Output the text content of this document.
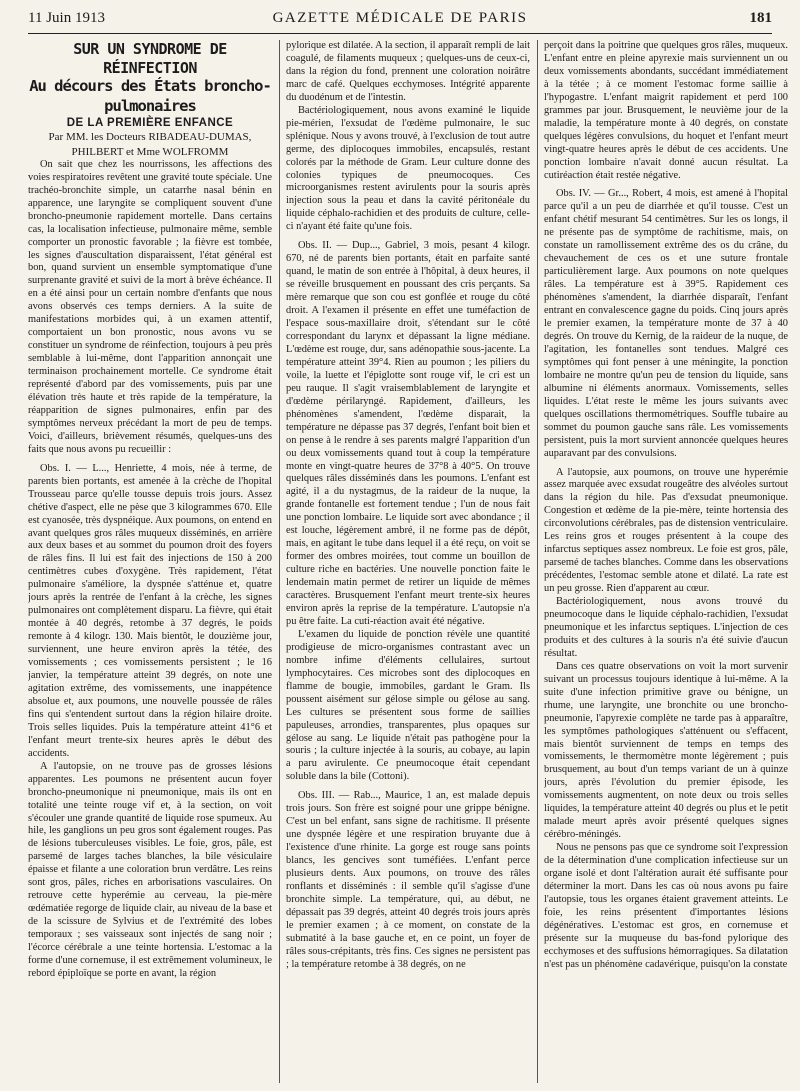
11 Juin 1913	GAZETTE MÉDICALE DE PARIS	181

SUR UN SYNDROME DE RÉINFECTION

Au décours des États broncho-pulmonaires

DE LA PREMIÈRE ENFANCE

Par MM. les Docteurs RIBADEAU-DUMAS,
PHILBERT et Mme WOLFROMM

On sait que chez les nourrissons, les affections des voies respiratoires revêtent une gravité toute spéciale. Une trachéo-bronchite simple, un catarrhe nasal bénin en apparence, une laryngite se compliquent souvent d'une broncho-pneumonie rapidement mortelle. Dans certains cas, la localisation infectieuse, pulmonaire même, semble comporter un pronostic favorable ; la fièvre est tombée, les signes d'auscultation disparaissent, l'état général est bon, quand survient un ensemble symptomatique d'une surprenante gravité et suivi de la mort à brève échéance. Il en a été ainsi pour un certain nombre d'enfants que nous avons observés ces temps derniers. A la suite de manifestations morbides qui, à un examen attentif, comportaient un bon pronostic, nous avons vu se constituer un syndrome de réinfection, toujours à peu près semblable à lui-même, dont l'apparition annonçait une terminaison prochainement mortelle. Ce syndrome était représenté d'abord par des vomissements, puis par une élévation très haute et très rapide de la température, la réapparition de signes pulmonaires, enfin par des symptômes nerveux précédant la mort de peu de temps. Voici, d'ailleurs, brièvement résumés, quelques-uns des faits que nous avons pu recueillir :

Obs. I. — L..., Henriette, 4 mois, née à terme, de parents bien portants, est amenée à la crèche de l'hopital Trousseau parce qu'elle tousse depuis trois jours. Assez chétive d'aspect, elle ne pèse que 3 kilogrammes 670. Elle est cyanosée, très dyspnéique. Aux poumons, on entend en avant quelques gros râles muqueux disséminés, en arrière aux deux bases et au sommet du poumon droit des foyers de râles fins. Il lui est fait des injections de 150 à 200 centimètres cubes d'oxygène. Très rapidement, l'état pulmonaire s'améliore, la dyspnée s'atténue et, quatre jours après la rentrée de l'enfant à la crèche, les signes pulmonaires ont complètement disparu. La fièvre, qui était montée à 40 degrés, retombe à 37 degrés, le poids remonte à 4 kilogr. 130. Mais bientôt, le douzième jour, surviennent, une heure environ après la tétée, des vomissements ; ces vomissements persistent ; le 16 janvier, la température atteint 39 degrés, on note une agitation extrême, des vomissements, une inappétence absolue et, aux poumons, une nouvelle poussée de râles fins qui s'entendent surtout dans la région hilaire droite. Trois selles liquides. Puis la température atteint 41°6 et l'enfant meurt trente-six heures après le début des accidents.

A l'autopsie, on ne trouve pas de grosses lésions apparentes. Les poumons ne présentent aucun foyer broncho-pneumonique ni pneumonique, mais ils ont en totalité une teinte rouge vif et, à la section, on voit s'écouler une grande quantité de liquide rose spumeux. Au hile, les ganglions un peu gros sont également rouges. Pas de lésions tuberculeuses visibles. Le foie, gros, pâle, est parsemé de larges taches blanches, la bile vésiculaire épaisse et filante a une coloration brun verdâtre. Les reins sont gros, pâles, riches en arborisations vasculaires. On retrouve cette hyperémie au cerveau, la pie-mère œdématiée regorge de liquide clair, au niveau de la base et de la scissure de Sylvius et de l'extrémité des lobes temporaux ; ses vaisseaux sont injectés de sang noir ; l'écorce cérébrale a une teinte hortensia. L'estomac a la forme d'une cornemuse, il est extrêmement volumineux, le rebord épiploïque se porte en avant, la région

pylorique est dilatée. A la section, il apparaît rempli de lait coagulé, de filaments muqueux ; quelques-uns de ceux-ci, dans la région du fond, prennent une coloration noirâtre marc de café. Quelques ecchymoses. Intégrité apparente du duodénum et de l'intestin.

Bactériologiquement, nous avons examiné le liquide pie-mérien, l'exsudat de l'œdème pulmonaire, le suc splénique. Nous y avons trouvé, à l'exclusion de tout autre germe, des diplocoques immobiles, encapsulés, restant colorés par la méthode de Gram. Leur culture donne des colonies typiques de pneumocoques. Ces microorganismes restent avirulents pour la souris après injection sous la peau et dans la cavité péritonéale du liquide céphalo-rachidien et des produits de culture, celle-ci n'ayant été faite qu'une fois.

Obs. II. — Dup..., Gabriel, 3 mois, pesant 4 kilogr. 670, né de parents bien portants, était en parfaite santé quand, le matin de son entrée à l'hôpital, à deux heures, il se réveille brusquement en poussant des cris perçants. Sa mère remarque que son cou est gonflée et rouge du côté droit. A l'examen il présente en effet une tuméfaction de l'espace sous-maxillaire droit, s'étendant sur le côté correspondant du larynx et dépassant la ligne médiane. L'œdème est rouge, dur, sans adénopathie sous-jacente. La température atteint 39°4. Rien au poumon ; les piliers du voile, la luette et l'épiglotte sont rouge vif, le cri est un peu rauque. Il s'agit vraisemblablement de laryngite et d'œdème périlaryngé. Rapidement, d'ailleurs, les phénomènes s'amendent, l'œdème disparait, la température ne dépasse pas 37 degrés, l'enfant boit bien et on pense à le rendre à ses parents malgré l'apparition d'un ou deux vomissements quand tout à coup la température monte en vingt-quatre heures de 37°8 à 40°5. On trouve quelques râles disséminés dans les poumons. L'enfant est agité, il a du nystagmus, de la raideur de la nuque, la grande fontanelle est fortement tendue ; l'un de nous fait une ponction lombaire. Le liquide sort avec abondance ; il est louche, légèrement ambré, il ne forme pas de dépôt, mais, en agitant le tube dans lequel il a été reçu, on voit se former des ombres moirées, tout comme un bouillon de culture riche en bactéries. Une nouvelle ponction faite le lendemain matin permet de retirer un liquide de mêmes caractères. Brusquement l'enfant meurt trente-six heures environ après la reprise de la température. L'autopsie n'a pu être faite. La cuti-réaction avait été négative.

L'examen du liquide de ponction révèle une quantité prodigieuse de micro-organismes contrastant avec un nombre infime d'éléments cellulaires, surtout lymphocytaires. Ces microbes sont des diplocoques en flamme de bougie, immobiles, gardant le Gram. Ils poussent aisément sur gélose simple ou gélose au sang. Les cultures se présentent sous forme de saillies papuleuses, arrondies, transparentes, plus opaques sur gélose au sang. Le liquide n'était pas pathogène pour la souris ; la culture injectée à la souris, au cobaye, au lapin a paru avirulente. Ce pneumocoque était cependant soluble dans la bile (Cottoni).

Obs. III. — Rab..., Maurice, 1 an, est malade depuis trois jours. Son frère est soigné pour une grippe bénigne. C'est un bel enfant, sans signe de rachitisme. Il présente une dyspnée légère et une respiration bruyante due à l'existence d'une rhinite. La gorge est rouge sans points blancs, les gencives sont tuméfiées. L'enfant perce plusieurs dents. Aux poumons, on trouve des râles ronflants et disséminés : il semble qu'il s'agisse d'une bronchite simple. La température, qui, au début, ne dépassait pas 39 degrés, atteint 40 degrés trois jours après le premier examen ; à ce moment, on constate de la submatité à la base gauche et, en ce point, un foyer de râles sous-crépitants, très fins. Ces signes ne persistent pas ; la température retombe à 38 degrés, on ne

perçoit dans la poitrine que quelques gros râles, muqueux. L'enfant entre en pleine apyrexie mais surviennent un ou deux vomissements abondants, succédant immédiatement à la tétée ; à ce moment l'estomac forme saillie à l'hypogastre. L'enfant maigrit rapidement et perd 100 grammes par jour. Brusquement, le neuvième jour de la maladie, la température monte à 40 degrés, on constate quelques légères convulsions, du hoquet et l'enfant meurt vingt-quatre heures après le début de ces accidents. Une ponction lombaire n'avait donné aucun résultat. La cutiréaction était restée négative.

Obs. IV. — Gr..., Robert, 4 mois, est amené à l'hopital parce qu'il a un peu de diarrhée et qu'il tousse. C'est un enfant chétif mesurant 54 centimètres. Sur les os longs, il ne présente pas de symptôme de rachitisme, mais, on constate un ramollissement extrême des os du crâne, du chevauchement de ces os et une suture frontale particulièrement large. Aux poumons on note quelques râles. La température est à 39°5. Rapidement ces phénomènes s'amendent, la diarrhée disparaît, l'enfant entrant en convalescence gagne du poids. Cinq jours après le premier examen, la température monte de 37 à 40 degrés. On trouve du Kernig, de la raideur de la nuque, de l'agitation, les fontanelles sont tendues. Malgré ces symptômes qui font penser à une méningite, la ponction lombaire ne montre qu'un peu de tension du liquide, sans albumine ni éléments anormaux. Vomissements, selles liquides. L'état reste le même les jours suivants avec quelques oscillations thermométriques. Souffle tubaire au sommet du poumon gauche sans râle. Les vomissements persistent, puis la mort survient annoncée quelques heures auparavant par des convulsions.

A l'autopsie, aux poumons, on trouve une hyperémie assez marquée avec exsudat rougeâtre des alvéoles surtout dans la région du hile. Pas d'exsudat pneumonique. Congestion et œdème de la pie-mère, teinte hortensia des circonvolutions cérébrales, pas de distension ventriculaire. Les reins gros et rouges présentent à la coupe des infarctus septiques assez nombreux. Le foie est gros, pâle, parsemé de taches blanches. Comme dans les observations précédentes, l'estomac semble atone et dilaté. La rate est un peu grosse. Rien d'apparent au cœur.

Bactériologiquement, nous avons trouvé du pneumocoque dans le liquide céphalo-rachidien, l'exsudat pneumonique et les infarctus septiques. L'injection de ces produits et des cultures à la souris n'a été suivie d'aucun résultat.

Dans ces quatre observations on voit la mort survenir suivant un processus toujours identique à lui-même. A la suite d'une infection primitive grave ou bénigne, un rhume, une laryngite, une bronchite ou une broncho-pneumonie, l'apyrexie complète ne tarde pas à apparaître, les symptômes pathologiques s'atténuent ou s'effacent, mais bientôt surviennent de temps en temps des vomissements, le thermomètre monte légèrement ; puis brusquement, au bout d'un temps variant de un à quinze jours, après l'évolution du premier épisode, les vomissements augmentent, on note deux ou trois selles liquides, la température atteint 40 degrés ou plus et le petit malade meurt après avoir présenté quelques signes cérébro-méningés.

Nous ne pensons pas que ce syndrome soit l'expression de la détermination d'une complication infectieuse sur un organe isolé et dont l'altération aurait été suffisante pour déterminer la mort. Dans les cas où nous avons pu faire l'autopsie, tous les organes étaient gravement atteints. Le foie, les reins présentent d'importantes lésions dégénératives. L'estomac est gros, en cornemuse et présente sur la muqueuse du bas-fond pylorique des ecchymoses et des suffusions hémorragiques. Sa dilatation n'est pas un phénomène cadavérique, puisqu'on la constate
